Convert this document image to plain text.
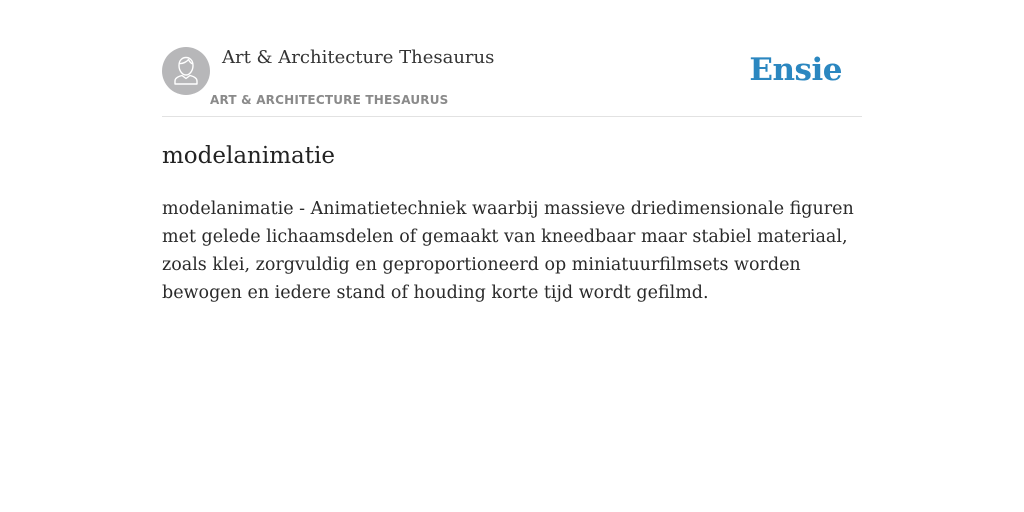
Art & Architecture Thesaurus
ART & ARCHITECTURE THESAURUS
Ensie
modelanimatie

modelanimatie - Animatietechniek waarbij massieve driedimensionale figuren met gelede lichaamsdelen of gemaakt van kneedbaar maar stabiel materiaal, zoals klei, zorgvuldig en geproportioneerd op miniatuurfilmsets worden bewogen en iedere stand of houding korte tijd wordt gefilmd.
